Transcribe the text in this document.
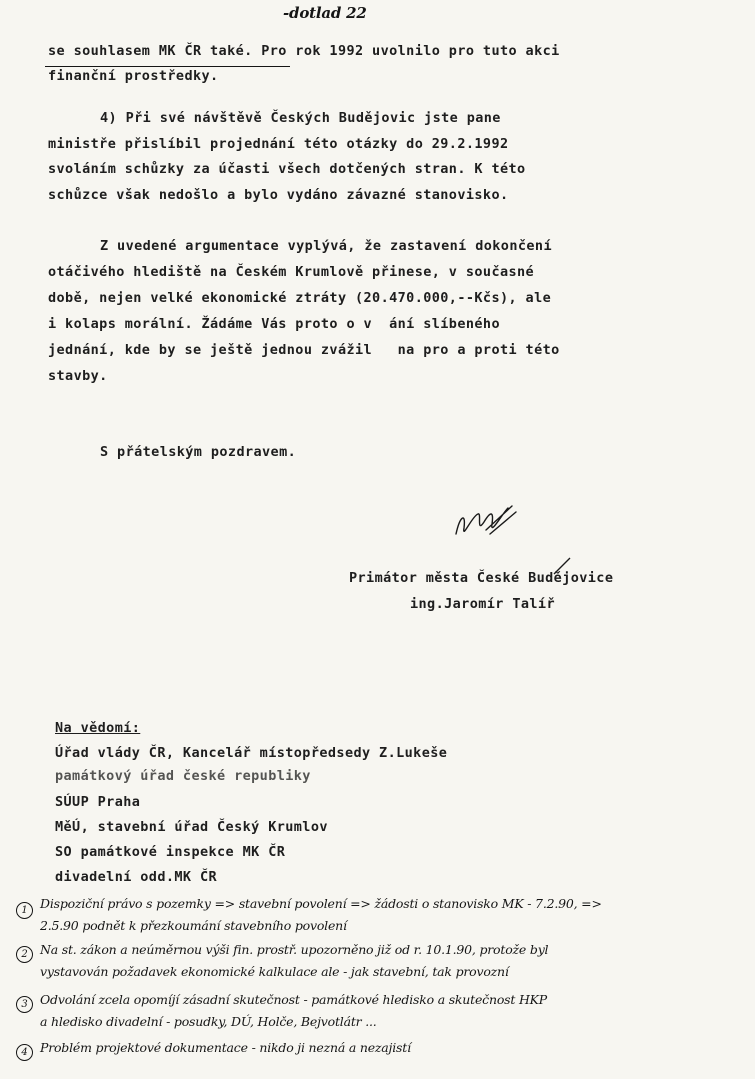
-dotlad 22
se souhlasem MK ČR také. Pro rok 1992 uvolnilo pro tuto akci
finanční prostředky.
4) Při své návštěvě Českých Budějovic jste pane
ministře přislíbil projednání této otázky do 29.2.1992
svoláním schůzky za účasti všech dotčených stran. K této
schůzce však nedošlo a bylo vydáno závazné stanovisko.
Z uvedené argumentace vyplývá, že zastavení dokončení
otáčivého hlediště na Českém Krumlově přinese, v současné
době, nejen velké ekonomické ztráty (20.470.000,--Kčs), ale
i kolaps morální. Žádáme Vás proto o v  ání slíbeného
jednání, kde by se ještě jednou zvážil   na pro a proti této
stavby.
S přátelským pozdravem.
Primátor města České Budějovice
ing.Jaromír Talíř
Na vědomí:
Úřad vlády ČR, Kancelář místopředsedy Z.Lukeše
památkový úřad české republiky
SÚUP Praha
MěÚ, stavební úřad Český Krumlov
SO památkové inspekce MK ČR
divadelní odd.MK ČR
1 Dispoziční právo s pozemky => stavební povolení => žádosti o stanovisko MK - 7.2.90, =>
2.5.90 podnět k přezkoumání stavebního povolení
2 Na st. zákon a neúměrnou výši fin. prostř. upozorněno již od r. 10.1.90, protože byl
vystavován požadavek ekonomické kalkulace ale - jak stavební, tak provozní
3 Odvolání zcela opomíjí zásadní skutečnost - památkové hledisko a skutečnost HKP
a hledisko divadelní - posudky, DÚ, Holče, Bejvotlátr ...
4 Problém projektové dokumentace - nikdo ji nezná a nezajistí
